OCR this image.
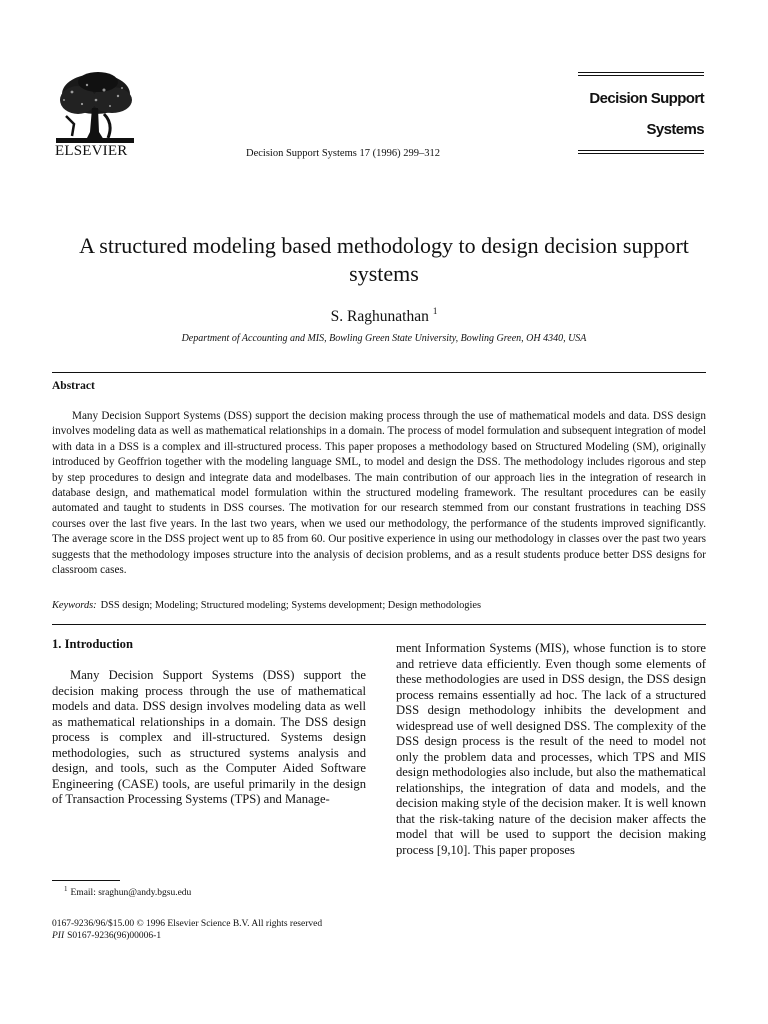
ELSEVIER	Decision Support Systems 17 (1996) 299–312
Decision Support
Systems
A structured modeling based methodology to design decision support systems
S. Raghunathan $^1$
Department of Accounting and MIS, Bowling Green State University, Bowling Green, OH 4340, USA
Abstract
Many Decision Support Systems (DSS) support the decision making process through the use of mathematical models and data. DSS design involves modeling data as well as mathematical relationships in a domain. The process of model formulation and subsequent integration of model with data in a DSS is a complex and ill-structured process. This paper proposes a methodology based on Structured Modeling (SM), originally introduced by Geoffrion together with the modeling language SML, to model and design the DSS. The methodology includes rigorous and step by step procedures to design and integrate data and modelbases. The main contribution of our approach lies in the integration of research in database design, and mathematical model formulation within the structured modeling framework. The resultant procedures can be easily automated and taught to students in DSS courses. The motivation for our research stemmed from our constant frustrations in teaching DSS courses over the last five years. In the last two years, when we used our methodology, the performance of the students improved significantly. The average score in the DSS project went up to 85 from 60. Our positive experience in using our methodology in classes over the past two years suggests that the methodology imposes structure into the analysis of decision problems, and as a result students produce better DSS designs for classroom cases.
Keywords: DSS design; Modeling; Structured modeling; Systems development; Design methodologies
1. Introduction
Many Decision Support Systems (DSS) support the decision making process through the use of mathematical models and data. DSS design involves modeling data as well as mathematical relationships in a domain. The DSS design process is complex and ill-structured. Systems design methodologies, such as structured systems analysis and design, and tools, such as the Computer Aided Software Engineering (CASE) tools, are useful primarily in the design of Transaction Processing Systems (TPS) and Manage-
ment Information Systems (MIS), whose function is to store and retrieve data efficiently. Even though some elements of these methodologies are used in DSS design, the DSS design process remains essentially ad hoc. The lack of a structured DSS design methodology inhibits the development and widespread use of well designed DSS. The complexity of the DSS design process is the result of the need to model not only the problem data and processes, which TPS and MIS design methodologies also include, but also the mathematical relationships, the integration of data and models, and the decision making style of the decision maker. It is well known that the risk-taking nature of the decision maker affects the model that will be used to support the decision making process [9,10]. This paper proposes
$^1$ Email: sraghun@andy.bgsu.edu
0167-9236/96/$15.00 © 1996 Elsevier Science B.V. All rights reserved
PII S0167-9236(96)00006-1
